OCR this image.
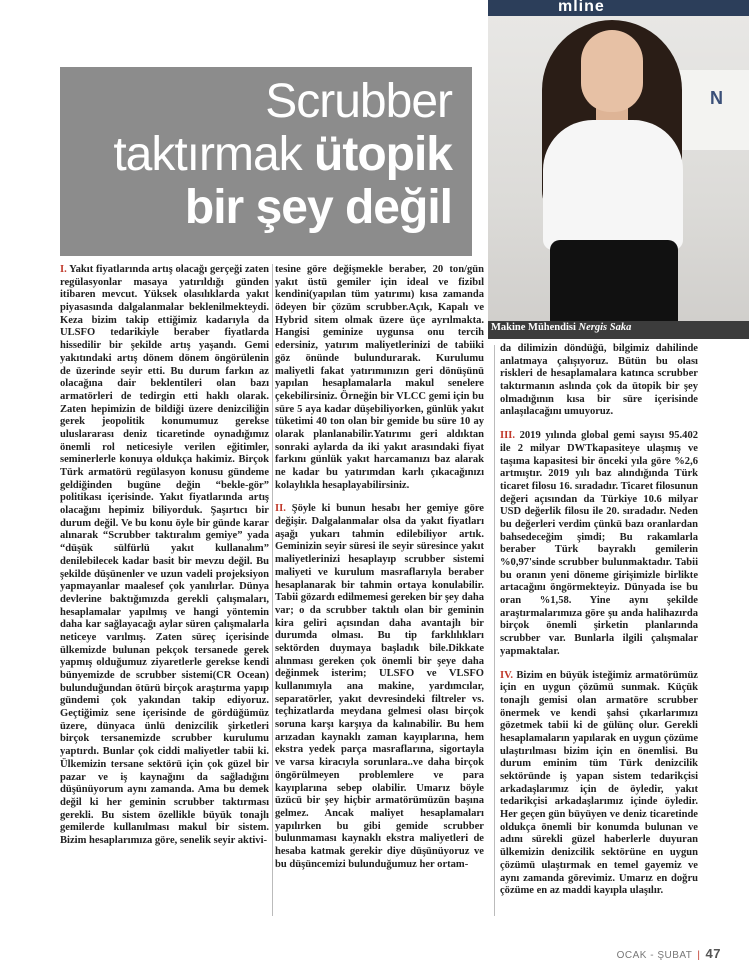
mline
N
Makine Mühendisi Nergis Saka
Scrubber
taktırmak ütopik
bir şey değil

I. Yakıt fiyatlarında artış olacağı gerçeği zaten regülasyonlar masaya yatırıldığı günden itibaren mevcut. Yüksek olasılıklarda yakıt piyasasında dalgalanmalar beklenilmekteydi. Keza bizim takip ettiğimiz kadarıyla da ULSFO tedarikiyle beraber fiyatlarda hissedilir bir şekilde artış yaşandı. Gemi yakıtındaki artış dönem dönem öngörülenin de üzerinde seyir etti. Bu durum farkın az olacağına dair beklentileri olan bazı armatörleri de tedirgin etti haklı olarak. Zaten hepimizin de bildiği üzere denizciliğin gerek jeopolitik konumumuz gerekse uluslararası deniz ticaretinde oynadığımız önemli rol neticesiyle verilen eğitimler, seminerlerle konuya oldukça hakimiz. Birçok Türk armatörü regülasyon konusu gündeme geldiğinden bugüne değin “bekle-gör” politikası içerisinde. Yakıt fiyatlarında artış olacağını hepimiz biliyorduk. Şaşırtıcı bir durum değil. Ve bu konu öyle bir günde karar alınarak “Scrubber taktıralım gemiye” yada “düşük sülfürlü yakıt kullanalım” denilebilecek kadar basit bir mevzu değil. Bu şekilde düşünenler ve uzun vadeli projeksiyon yapmayanlar maalesef çok yanılırlar. Dünya devlerine baktığımızda gerekli çalışmaları, hesaplamalar yapılmış ve hangi yöntemin daha kar sağlayacağı aylar süren çalışmalarla neticeye varılmış. Zaten süreç içerisinde ülkemizde bulunan pekçok tersanede gerek yapmış olduğumuz ziyaretlerle gerekse kendi bünyemizde de scrubber sistemi(CR Ocean) bulunduğundan ötürü birçok araştırma yapıp gündemi çok yakından takip ediyoruz. Geçtiğimiz sene içerisinde de gördüğümüz üzere, dünyaca ünlü denizcilik şirketleri birçok tersanemizde scrubber kurulumu yaptırdı. Bunlar çok ciddi maliyetler tabii ki. Ülkemizin tersane sektörü için çok güzel bir pazar ve iş kaynağını da sağladığını düşünüyorum aynı zamanda. Ama bu demek değil ki her geminin scrubber taktırması gerekli. Bu sistem özellikle büyük tonajlı gemilerde kullanılması makul bir sistem. Bizim hesaplarımıza göre, senelik seyir aktivi-

tesine göre değişmekle beraber, 20 ton/gün yakıt üstü gemiler için ideal ve fizibıl kendini(yapılan tüm yatırımı) kısa zamanda ödeyen bir çözüm scrubber.Açık, Kapalı ve Hybrid sitem olmak üzere üçe ayrılmakta. Hangisi geminize uygunsa onu tercih edersiniz, yatırım maliyetlerinizi de tabiiki göz önünde bulundurarak. Kurulumu maliyetli fakat yatırımınızın geri dönüşünü yapılan hesaplamalarla makul senelere çekebilirsiniz. Örneğin bir VLCC gemi için bu süre 5 aya kadar düşebiliyorken, günlük yakıt tüketimi 40 ton olan bir gemide bu süre 10 ay olarak planlanabilir.Yatırımı geri aldıktan sonraki aylarda da iki yakıt arasındaki fiyat farkını günlük yakıt harcamanızı baz alarak ne kadar bu yatırımdan karlı çıkacağınızı kolaylıkla hesaplayabilirsiniz.

II. Şöyle ki bunun hesabı her gemiye göre değişir. Dalgalanmalar olsa da yakıt fiyatları aşağı yukarı tahmin edilebiliyor artık. Geminizin seyir süresi ile seyir süresince yakıt maliyetlerinizi hesaplayıp scrubber sistemi maliyeti ve kurulum masraflarıyla beraber hesaplanarak bir tahmin ortaya konulabilir. Tabii gözardı edilmemesi gereken bir şey daha var; o da scrubber taktılı olan bir geminin kira geliri açısından daha avantajlı bir durumda olması. Bu tip farklılıkları sektörden duymaya başladık bile.Dikkate alınması gereken çok önemli bir şeye daha değinmek isterim; ULSFO ve VLSFO kullanımıyla ana makine, yardımcılar, separatörler, yakıt devresindeki filtreler vs. teçhizatlarda meydana gelmesi olası birçok soruna karşı karşıya da kalınabilir. Bu hem arızadan kaynaklı zaman kayıplarına, hem ekstra yedek parça masraflarına, sigortayla ve varsa kiracıyla sorunlara..ve daha birçok öngörülmeyen problemlere ve para kayıplarına sebep olabilir. Umarız böyle üzücü bir şey hiçbir armatörümüzün başına gelmez. Ancak maliyet hesaplamaları yapılırken bu gibi gemide scrubber bulunmaması kaynaklı ekstra maliyetleri de hesaba katmak gerekir diye düşünüyoruz ve bu düşüncemizi bulunduğumuz her ortam-

da dilimizin döndüğü, bilgimiz dahilinde anlatmaya çalışıyoruz. Bütün bu olası riskleri de hesaplamalara katınca scrubber taktırmanın aslında çok da ütopik bir şey olmadığının kısa bir süre içerisinde anlaşılacağını umuyoruz.

III. 2019 yılında global gemi sayısı 95.402 ile 2 milyar DWTkapasiteye ulaşmış ve taşıma kapasitesi bir önceki yıla göre %2,6 artmıştır. 2019 yılı baz alındığında Türk ticaret filosu 16. sıradadır. Ticaret filosunun değeri açısından da Türkiye 10.6 milyar USD değerlik filosu ile 20. sıradadır. Neden bu değerleri verdim çünkü bazı oranlardan bahsedeceğim şimdi; Bu rakamlarla beraber Türk bayraklı gemilerin %0,97'sinde scrubber bulunmaktadır. Tabii bu oranın yeni döneme girişimizle birlikte artacağını öngörmekteyiz. Dünyada ise bu oran %1,58. Yine aynı şekilde araştırmalarımıza göre şu anda halihazırda birçok önemli şirketin planlarında scrubber var. Bunlarla ilgili çalışmalar yapmaktalar.

IV. Bizim en büyük isteğimiz armatörümüz için en uygun çözümü sunmak. Küçük tonajlı gemisi olan armatöre scrubber önermek ve kendi şahsi çıkarlarımızı gözetmek tabii ki de gülünç olur. Gerekli hesaplamaların yapılarak en uygun çözüme ulaştırılması bizim için en önemlisi. Bu durum eminim tüm Türk denizcilik sektöründe iş yapan sistem tedarikçisi arkadaşlarımız için de öyledir, yakıt tedarikçisi arkadaşlarımız içinde öyledir. Her geçen gün büyüyen ve deniz ticaretinde oldukça önemli bir konumda bulunan ve adını sürekli güzel haberlerle duyuran ülkemizin denizcilik sektörüne en uygun çözümü ulaştırmak en temel gayemiz ve aynı zamanda görevimiz. Umarız en doğru çözüme en az maddi kayıpla ulaşılır.

OCAK - ŞUBAT | 47
